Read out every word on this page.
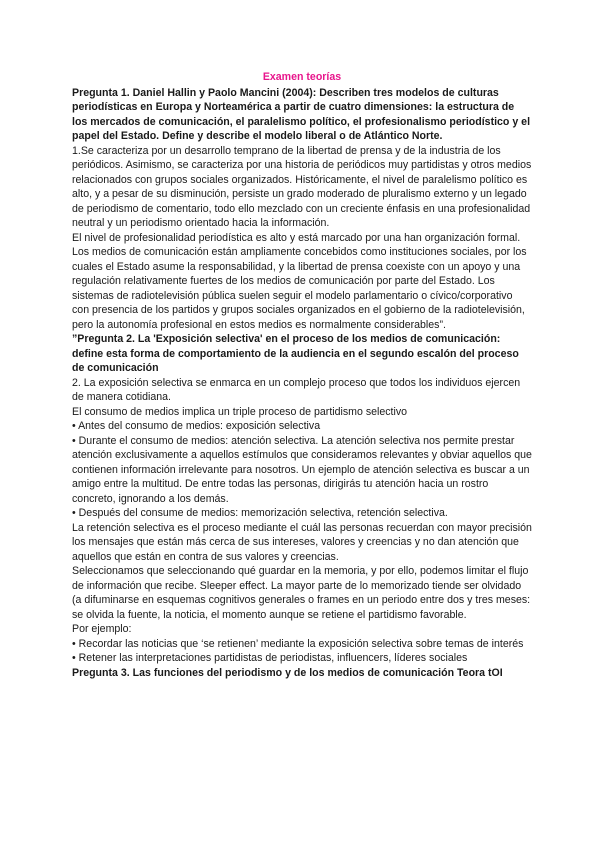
Examen teorías

Pregunta 1. Daniel Hallin y Paolo Mancini (2004): Describen tres modelos de culturas periodísticas en Europa y Norteamérica a partir de cuatro dimensiones: la estructura de los mercados de comunicación, el paralelismo político, el profesionalismo periodístico y el papel del Estado. Define y describe el modelo liberal o de Atlántico Norte.

1.Se caracteriza por un desarrollo temprano de la libertad de prensa y de la industria de los periódicos. Asimismo, se caracteriza por una historia de periódicos muy partidistas y otros medios relacionados con grupos sociales organizados. Históricamente, el nivel de paralelismo político es alto, y a pesar de su disminución, persiste un grado moderado de pluralismo externo y un legado de periodismo de comentario, todo ello mezclado con un creciente énfasis en una profesionalidad neutral y un periodismo orientado hacia la información.

El nivel de profesionalidad periodística es alto y está marcado por una han organización formal. Los medios de comunicación están ampliamente concebidos como instituciones sociales, por los cuales el Estado asume la responsabilidad, y la libertad de prensa coexiste con un apoyo y una regulación relativamente fuertes de los medios de comunicación por parte del Estado. Los sistemas de radiotelevisión pública suelen seguir el modelo parlamentario o cívico/corporativo con presencia de los partidos y grupos sociales organizados en el gobierno de la radiotelevisión, pero la autonomía profesional en estos medios es normalmente considerables”.

”Pregunta 2. La 'Exposición selectiva' en el proceso de los medios de comunicación: define esta forma de comportamiento de la audiencia en el segundo escalón del proceso de comunicación

2. La exposición selectiva se enmarca en un complejo proceso que todos los individuos ejercen de manera cotidiana.

El consumo de medios implica un triple proceso de partidismo selectivo

• Antes del consumo de medios: exposición selectiva

• Durante el consumo de medios: atención selectiva. La atención selectiva nos permite prestar atención exclusivamente a aquellos estímulos que consideramos relevantes y obviar aquellos que contienen información irrelevante para nosotros. Un ejemplo de atención selectiva es buscar a un amigo entre la multitud. De entre todas las personas, dirigirás tu atención hacia un rostro concreto, ignorando a los demás.

• Después del consume de medios: memorización selectiva, retención selectiva.

La retención selectiva es el proceso mediante el cuál las personas recuerdan con mayor precisión los mensajes que están más cerca de sus intereses, valores y creencias y no dan atención que aquellos que están en contra de sus valores y creencias.

Seleccionamos que seleccionando qué guardar en la memoria, y por ello, podemos limitar el flujo de información que recibe. Sleeper effect. La mayor parte de lo memorizado tiende ser olvidado (a difuminarse en esquemas cognitivos generales o frames en un periodo entre dos y tres meses: se olvida la fuente, la noticia, el momento aunque se retiene el partidismo favorable.

Por ejemplo:

• Recordar las noticias que ‘se retienen’ mediante la exposición selectiva sobre temas de interés

• Retener las interpretaciones partidistas de periodistas, influencers, líderes sociales

Pregunta 3. Las funciones del periodismo y de los medios de comunicación Teora tOI
